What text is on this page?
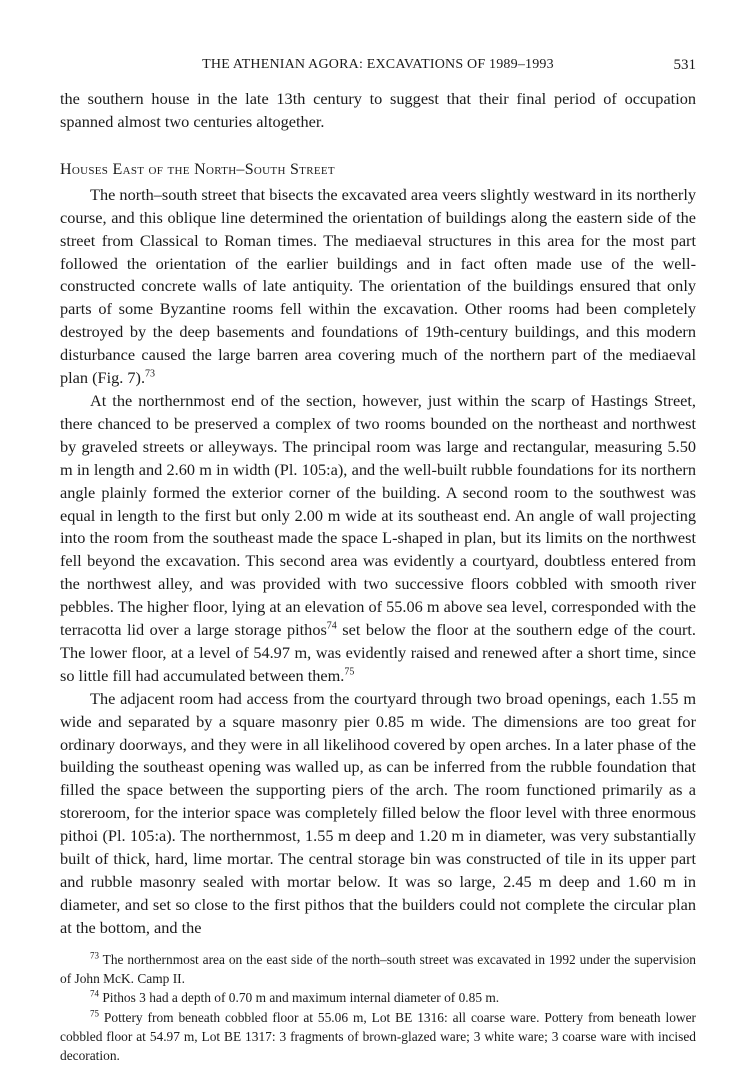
THE ATHENIAN AGORA: EXCAVATIONS OF 1989–1993	531

the southern house in the late 13th century to suggest that their final period of occupation spanned almost two centuries altogether.

Houses East of the North–South Street

The north–south street that bisects the excavated area veers slightly westward in its northerly course, and this oblique line determined the orientation of buildings along the eastern side of the street from Classical to Roman times. The mediaeval structures in this area for the most part followed the orientation of the earlier buildings and in fact often made use of the well-constructed concrete walls of late antiquity. The orientation of the buildings ensured that only parts of some Byzantine rooms fell within the excavation. Other rooms had been completely destroyed by the deep basements and foundations of 19th-century buildings, and this modern disturbance caused the large barren area covering much of the northern part of the mediaeval plan (Fig. 7).$^{73}$

At the northernmost end of the section, however, just within the scarp of Hastings Street, there chanced to be preserved a complex of two rooms bounded on the northeast and northwest by graveled streets or alleyways. The principal room was large and rectangular, measuring 5.50 m in length and 2.60 m in width (Pl. 105:a), and the well-built rubble foundations for its northern angle plainly formed the exterior corner of the building. A second room to the southwest was equal in length to the first but only 2.00 m wide at its southeast end. An angle of wall projecting into the room from the southeast made the space L-shaped in plan, but its limits on the northwest fell beyond the excavation. This second area was evidently a courtyard, doubtless entered from the northwest alley, and was provided with two successive floors cobbled with smooth river pebbles. The higher floor, lying at an elevation of 55.06 m above sea level, corresponded with the terracotta lid over a large storage pithos$^{74}$ set below the floor at the southern edge of the court. The lower floor, at a level of 54.97 m, was evidently raised and renewed after a short time, since so little fill had accumulated between them.$^{75}$

The adjacent room had access from the courtyard through two broad openings, each 1.55 m wide and separated by a square masonry pier 0.85 m wide. The dimensions are too great for ordinary doorways, and they were in all likelihood covered by open arches. In a later phase of the building the southeast opening was walled up, as can be inferred from the rubble foundation that filled the space between the supporting piers of the arch. The room functioned primarily as a storeroom, for the interior space was completely filled below the floor level with three enormous pithoi (Pl. 105:a). The northernmost, 1.55 m deep and 1.20 m in diameter, was very substantially built of thick, hard, lime mortar. The central storage bin was constructed of tile in its upper part and rubble masonry sealed with mortar below. It was so large, 2.45 m deep and 1.60 m in diameter, and set so close to the first pithos that the builders could not complete the circular plan at the bottom, and the

$^{73}$ The northernmost area on the east side of the north–south street was excavated in 1992 under the supervision of John McK. Camp II.

$^{74}$ Pithos 3 had a depth of 0.70 m and maximum internal diameter of 0.85 m.

$^{75}$ Pottery from beneath cobbled floor at 55.06 m, Lot BE 1316: all coarse ware. Pottery from beneath lower cobbled floor at 54.97 m, Lot BE 1317: 3 fragments of brown-glazed ware; 3 white ware; 3 coarse ware with incised decoration.
